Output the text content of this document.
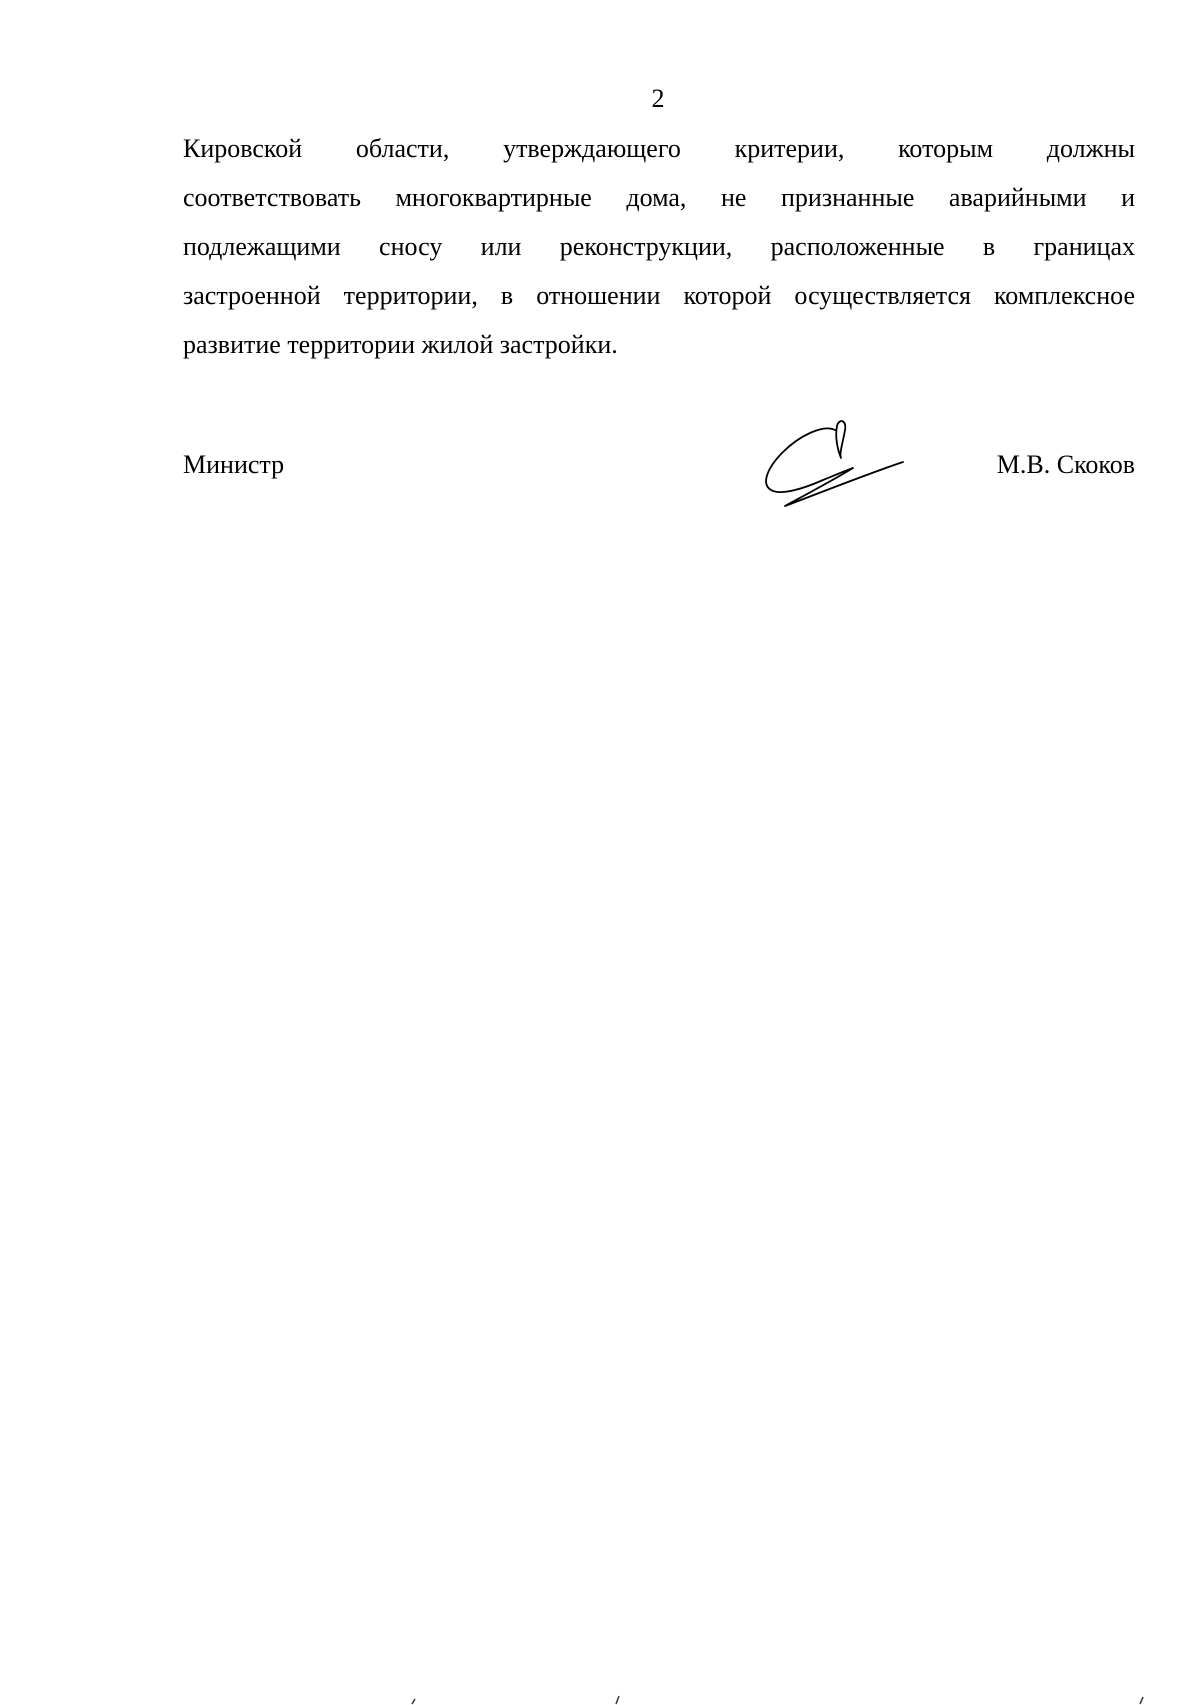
2

Кировской области, утверждающего критерии, которым должны
соответствовать многоквартирные дома, не признанные аварийными и
подлежащими сносу или реконструкции, расположенные в границах
застроенной территории, в отношении которой осуществляется комплексное
развитие территории жилой застройки.

Министр	М.В. Скоков
